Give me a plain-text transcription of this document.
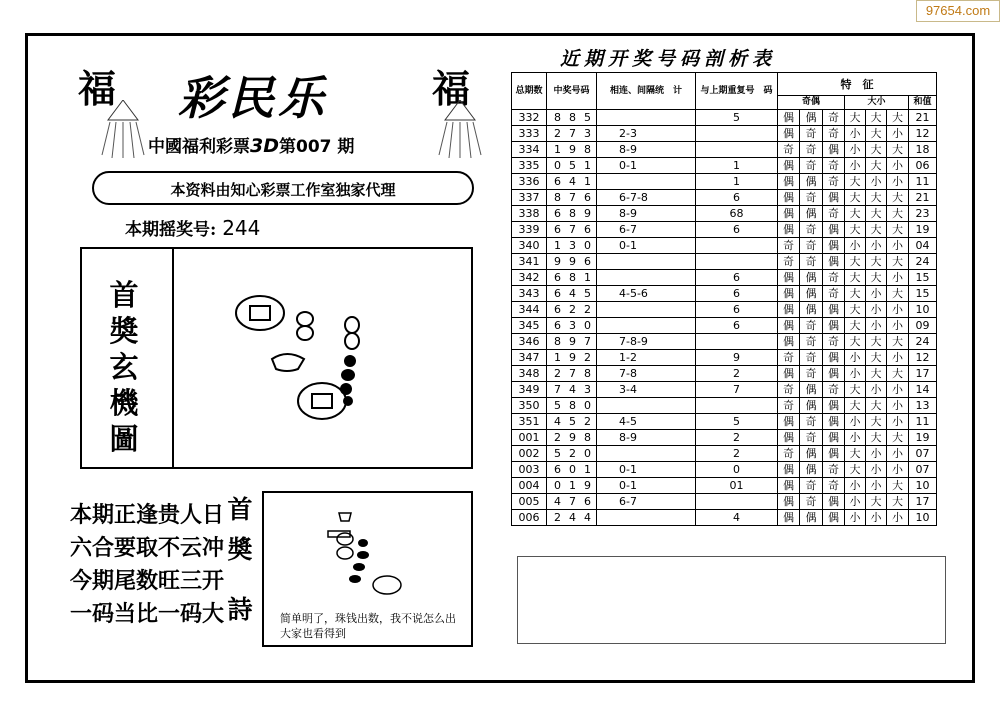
97654.com
福	福
彩民乐
中國福利彩票3D第007 期
本资料由知心彩票工作室独家代理
本期摇奖号: 244
首
奬
玄
機
圖
本期正逢贵人日
六合要取不云冲
今期尾数旺三开
一码当比一码大
首
奬
詩	简单明了，珠钱出数，我不说怎么出大家也看得到
近期开奖号码剖析表
总期数	中奖号码	相连、间隔统　计	与上期重复号　码	特　征						
				奇偶			大小			和值
332	8 8 5		5	偶	偶	奇	大	大	大	21
333	2 7 3	2-3		偶	奇	奇	小	大	小	12
334	1 9 8	8-9		奇	奇	偶	小	大	大	18
335	0 5 1	0-1	1	偶	奇	奇	小	大	小	06
336	6 4 1		1	偶	偶	奇	大	小	小	11
337	8 7 6	6-7-8	6	偶	奇	偶	大	大	大	21
338	6 8 9	8-9	68	偶	偶	奇	大	大	大	23
339	6 7 6	6-7	6	偶	奇	偶	大	大	大	19
340	1 3 0	0-1		奇	奇	偶	小	小	小	04
341	9 9 6			奇	奇	偶	大	大	大	24
342	6 8 1		6	偶	偶	奇	大	大	小	15
343	6 4 5	4-5-6	6	偶	偶	奇	大	小	大	15
344	6 2 2		6	偶	偶	偶	大	小	小	10
345	6 3 0		6	偶	奇	偶	大	小	小	09
346	8 9 7	7-8-9		偶	奇	奇	大	大	大	24
347	1 9 2	1-2	9	奇	奇	偶	小	大	小	12
348	2 7 8	7-8	2	偶	奇	偶	小	大	大	17
349	7 4 3	3-4	7	奇	偶	奇	大	小	小	14
350	5 8 0			奇	偶	偶	大	大	小	13
351	4 5 2	4-5	5	偶	奇	偶	小	大	小	11
001	2 9 8	8-9	2	偶	奇	偶	小	大	大	19
002	5 2 0		2	奇	偶	偶	大	小	小	07
003	6 0 1	0-1	0	偶	偶	奇	大	小	小	07
004	0 1 9	0-1	01	偶	奇	奇	小	小	大	10
005	4 7 6	6-7		偶	奇	偶	小	大	大	17
006	2 4 4		4	偶	偶	偶	小	小	小	10
